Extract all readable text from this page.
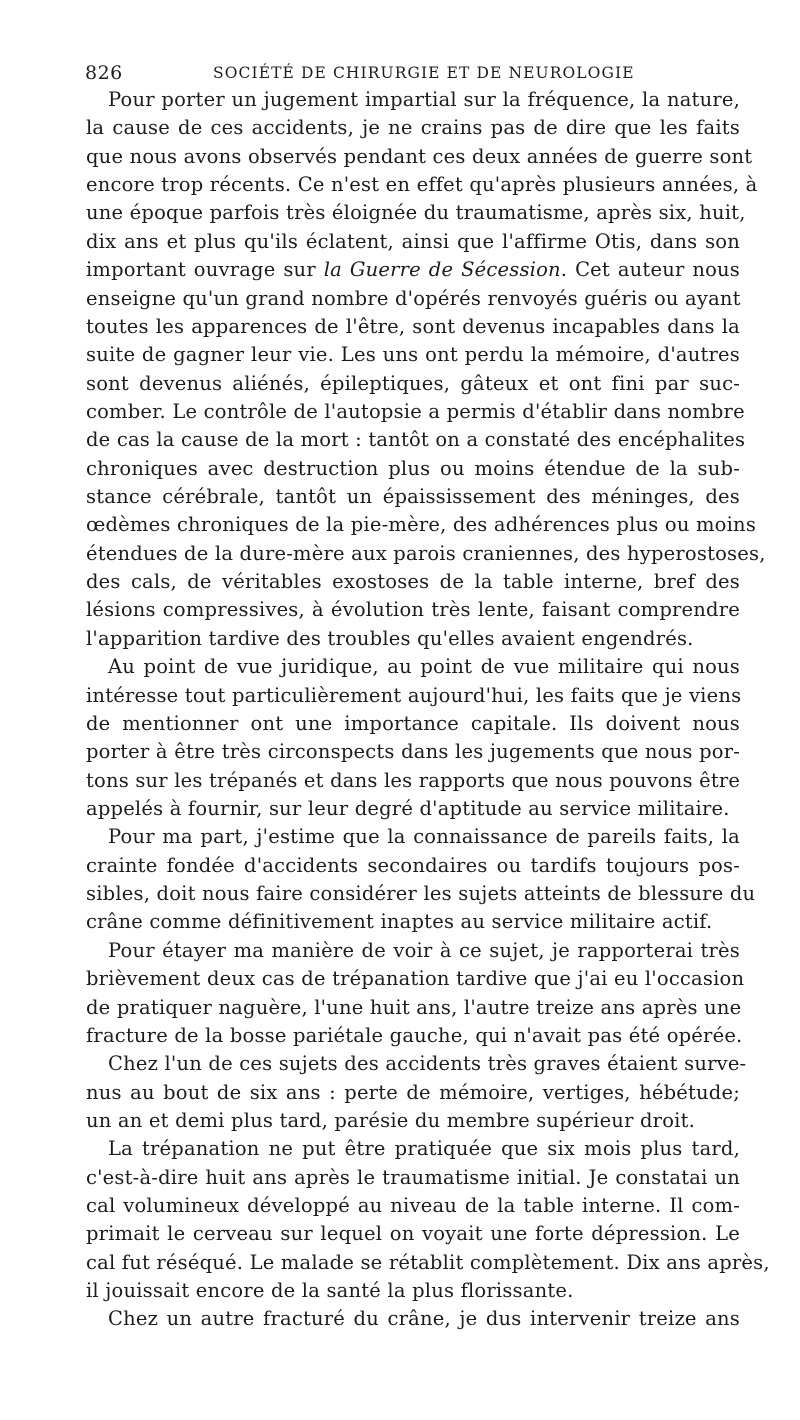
826	SOCIÉTÉ DE CHIRURGIE ET DE NEUROLOGIE
Pour porter un jugement impartial sur la fréquence, la nature,
la cause de ces accidents, je ne crains pas de dire que les faits
que nous avons observés pendant ces deux années de guerre sont
encore trop récents. Ce n'est en effet qu'après plusieurs années, à
une époque parfois très éloignée du traumatisme, après six, huit,
dix ans et plus qu'ils éclatent, ainsi que l'affirme Otis, dans son
important ouvrage sur la Guerre de Sécession. Cet auteur nous
enseigne qu'un grand nombre d'opérés renvoyés guéris ou ayant
toutes les apparences de l'être, sont devenus incapables dans la
suite de gagner leur vie. Les uns ont perdu la mémoire, d'autres
sont devenus aliénés, épileptiques, gâteux et ont fini par suc-
comber. Le contrôle de l'autopsie a permis d'établir dans nombre
de cas la cause de la mort : tantôt on a constaté des encéphalites
chroniques avec destruction plus ou moins étendue de la sub-
stance cérébrale, tantôt un épaississement des méninges, des
œdèmes chroniques de la pie-mère, des adhérences plus ou moins
étendues de la dure-mère aux parois craniennes, des hyperostoses,
des cals, de véritables exostoses de la table interne, bref des
lésions compressives, à évolution très lente, faisant comprendre
l'apparition tardive des troubles qu'elles avaient engendrés.
Au point de vue juridique, au point de vue militaire qui nous
intéresse tout particulièrement aujourd'hui, les faits que je viens
de mentionner ont une importance capitale. Ils doivent nous
porter à être très circonspects dans les jugements que nous por-
tons sur les trépanés et dans les rapports que nous pouvons être
appelés à fournir, sur leur degré d'aptitude au service militaire.
Pour ma part, j'estime que la connaissance de pareils faits, la
crainte fondée d'accidents secondaires ou tardifs toujours pos-
sibles, doit nous faire considérer les sujets atteints de blessure du
crâne comme définitivement inaptes au service militaire actif.
Pour étayer ma manière de voir à ce sujet, je rapporterai très
brièvement deux cas de trépanation tardive que j'ai eu l'occasion
de pratiquer naguère, l'une huit ans, l'autre treize ans après une
fracture de la bosse pariétale gauche, qui n'avait pas été opérée.
Chez l'un de ces sujets des accidents très graves étaient surve-
nus au bout de six ans : perte de mémoire, vertiges, hébétude;
un an et demi plus tard, parésie du membre supérieur droit.
La trépanation ne put être pratiquée que six mois plus tard,
c'est-à-dire huit ans après le traumatisme initial. Je constatai un
cal volumineux développé au niveau de la table interne. Il com-
primait le cerveau sur lequel on voyait une forte dépression. Le
cal fut réséqué. Le malade se rétablit complètement. Dix ans après,
il jouissait encore de la santé la plus florissante.
Chez un autre fracturé du crâne, je dus intervenir treize ans
